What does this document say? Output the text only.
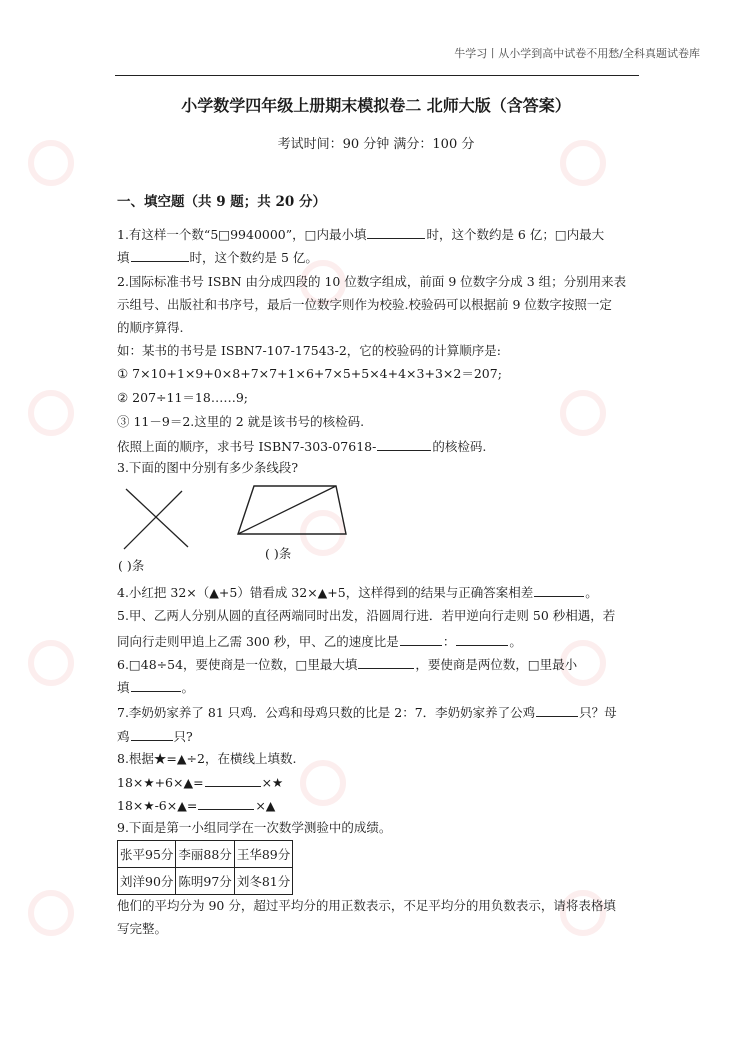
牛学习丨从小学到高中试卷不用愁/全科真题试卷库
小学数学四年级上册期末模拟卷二 北师大版（含答案）
考试时间：90 分钟 满分：100 分
一、填空题（共 9 题；共 20 分）
1.有这样一个数“5□9940000”，□内最小填	时，这个数约是 6 亿；□内最大
填	时，这个数约是 5 亿。
2.国际标准书号 ISBN 由分成四段的 10 位数字组成，前面 9 位数字分成 3 组；分别用来表
示组号、出版社和书序号，最后一位数字则作为校验.校验码可以根据前 9 位数字按照一定
的顺序算得.
如：某书的书号是 ISBN7-107-17543-2，它的校验码的计算顺序是:
① 7×10+1×9+0×8+7×7+1×6+7×5+5×4+4×3+3×2＝207;
② 207÷11＝18……9;
③ 11－9＝2.这里的 2 就是该书号的核检码.
依照上面的顺序，求书号 ISBN7-303-07618-	的核检码.
3.下面的图中分别有多少条线段?
( )条
( )条
4.小红把 32×（▲+5）错看成 32×▲+5，这样得到的结果与正确答案相差	。
5.甲、乙两人分别从圆的直径两端同时出发，沿圆周行进．若甲逆向行走则 50 秒相遇，若
同向行走则甲追上乙需 300 秒，甲、乙的速度比是	：	。
6.□48÷54，要使商是一位数，□里最大填	，要使商是两位数，□里最小
填	。
7.李奶奶家养了 81 只鸡．公鸡和母鸡只数的比是 2：7．李奶奶家养了公鸡	只？母
鸡	只?
8.根据★=▲÷2，在横线上填数.
18×★+6×▲=	×★
18×★-6×▲=	×▲
9.下面是第一小组同学在一次数学测验中的成绩。
张平95分	李丽88分	王华89分
刘洋90分	陈明97分	刘冬81分
他们的平均分为 90 分，超过平均分的用正数表示，不足平均分的用负数表示，请将表格填
写完整。
